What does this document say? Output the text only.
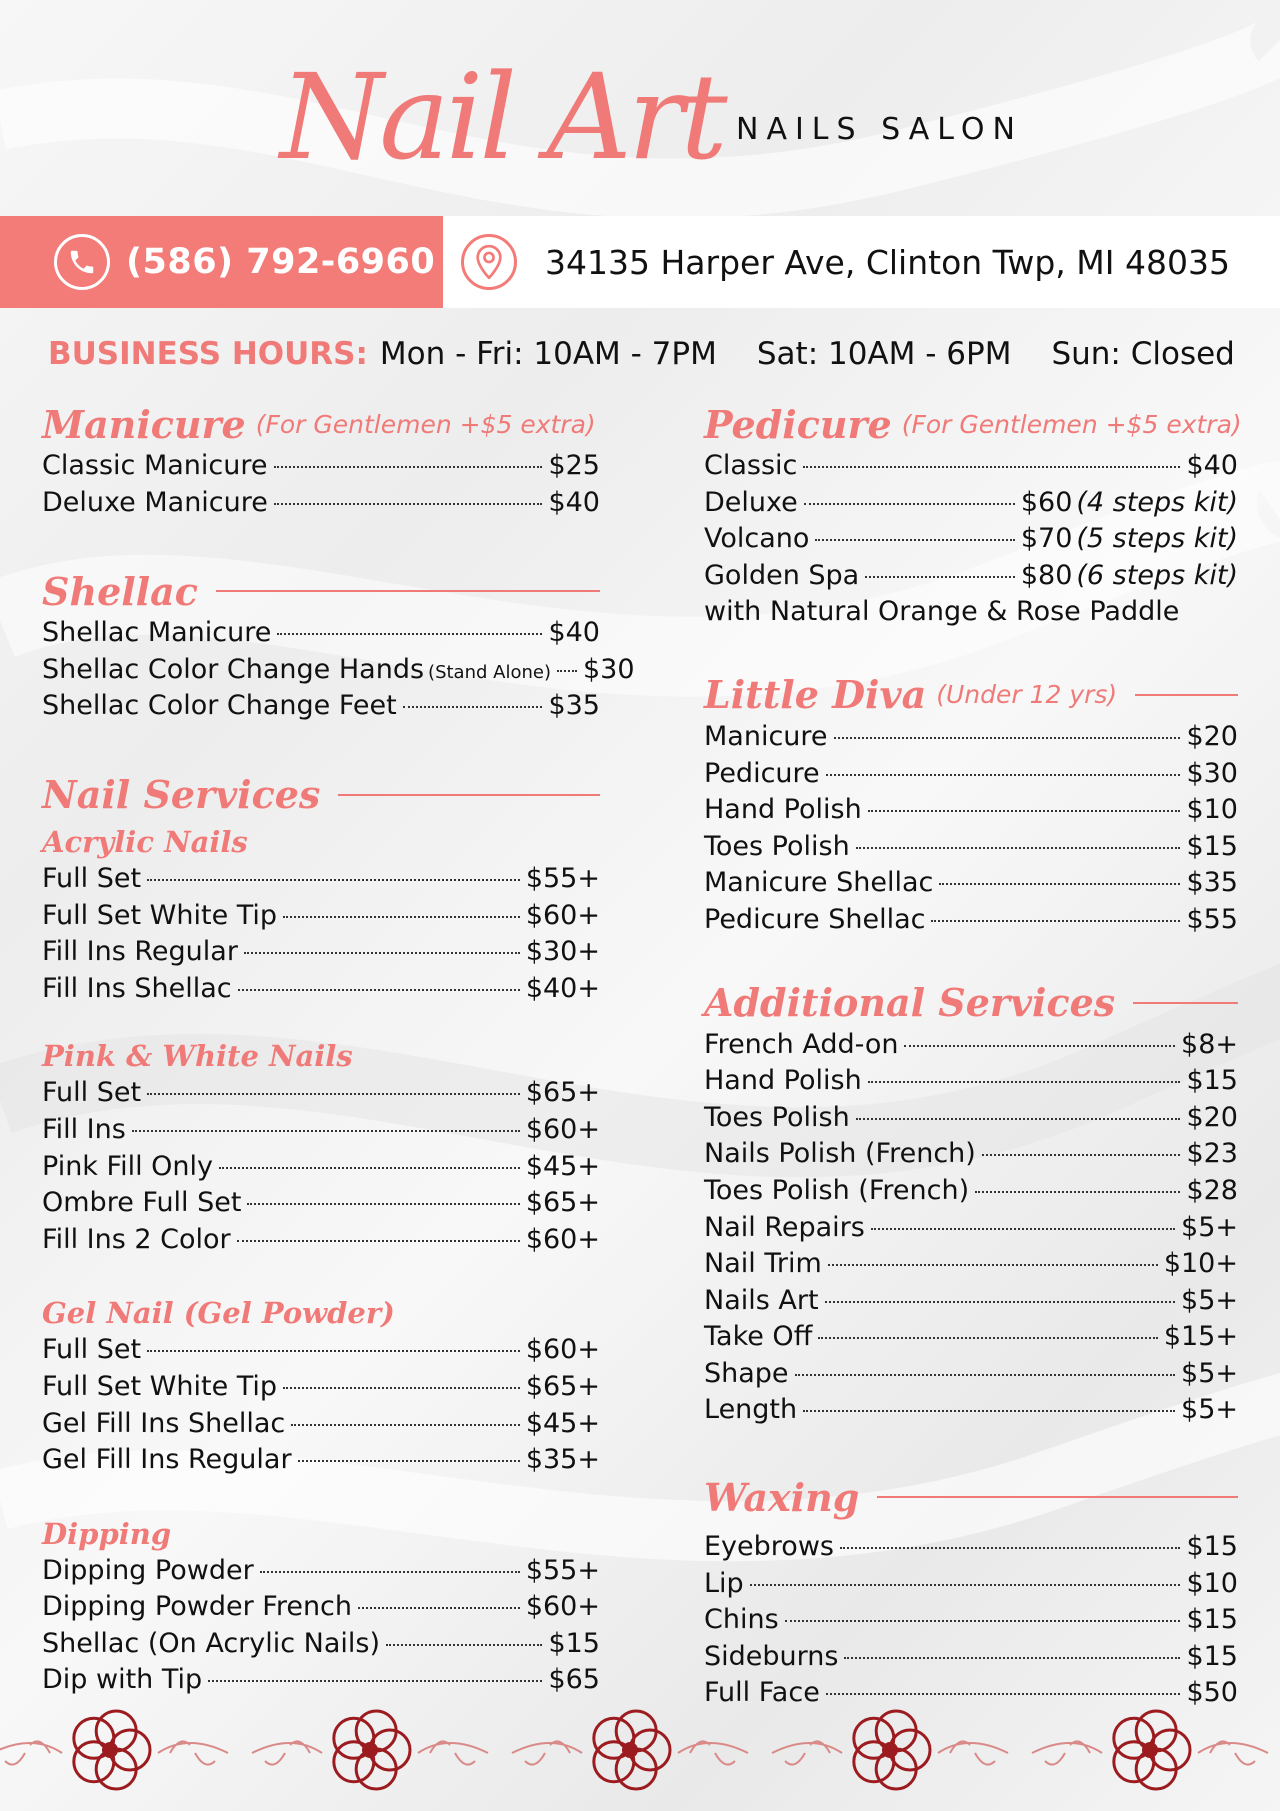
Nail Art NAILS SALON
(586) 792-6960	34135 Harper Ave, Clinton Twp, MI 48035
BUSINESS HOURS: Mon - Fri: 10AM - 7PM Sat: 10AM - 6PM Sun: Closed
Manicure (For Gentlemen +$5 extra)
Classic Manicure	$25
Deluxe Manicure	$40
Shellac
Shellac Manicure	$40
Shellac Color Change Hands (Stand Alone) $30
Shellac Color Change Feet	$35
Nail Services
Acrylic Nails
Full Set	$55+
Full Set White Tip	$60+
Fill Ins Regular	$30+
Fill Ins Shellac	$40+
Pink & White Nails
Full Set	$65+
Fill Ins	$60+
Pink Fill Only	$45+
Ombre Full Set	$65+
Fill Ins 2 Color	$60+
Gel Nail (Gel Powder)
Full Set	$60+
Full Set White Tip	$65+
Gel Fill Ins Shellac	$45+
Gel Fill Ins Regular	$35+
Dipping
Dipping Powder	$55+
Dipping Powder French	$60+
Shellac (On Acrylic Nails)	$15
Dip with Tip	$65
Pedicure (For Gentlemen +$5 extra)
Classic	$40
Deluxe	$60 (4 steps kit)
Volcano	$70 (5 steps kit)
Golden Spa	$80 (6 steps kit)
with Natural Orange & Rose Paddle
Little Diva (Under 12 yrs)
Manicure	$20
Pedicure	$30
Hand Polish	$10
Toes Polish	$15
Manicure Shellac	$35
Pedicure Shellac	$55
Additional Services
French Add-on	$8+
Hand Polish	$15
Toes Polish	$20
Nails Polish (French)	$23
Toes Polish (French)	$28
Nail Repairs	$5+
Nail Trim	$10+
Nails Art	$5+
Take Off	$15+
Shape	$5+
Length	$5+
Waxing
Eyebrows	$15
Lip	$10
Chins	$15
Sideburns	$15
Full Face	$50
